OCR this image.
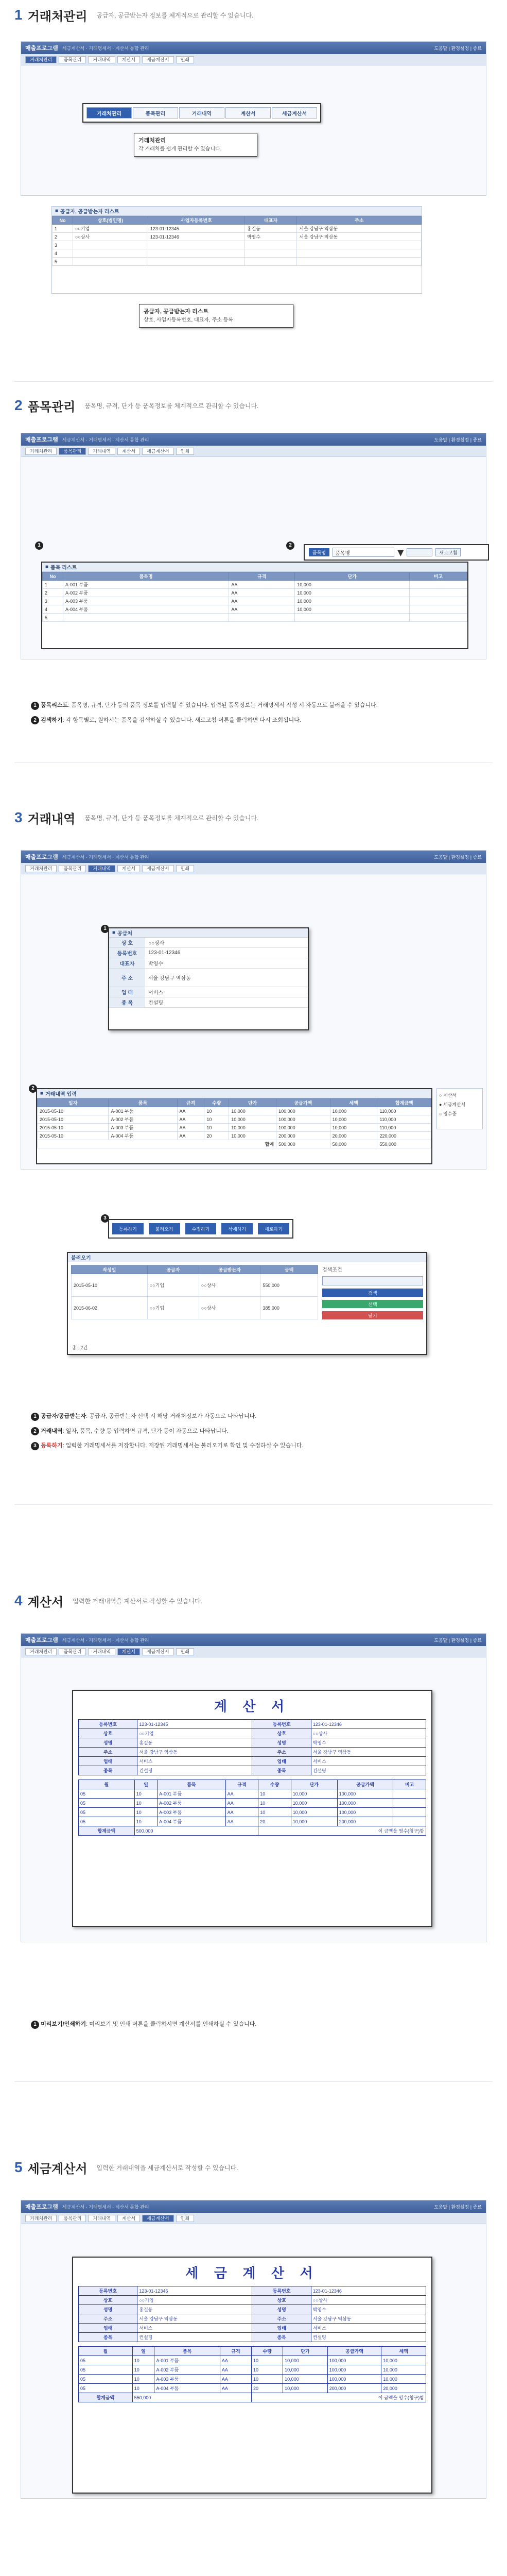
1 거래처관리 공급자, 공급받는자 정보를 체계적으로 관리할 수 있습니다.
매출프로그램 세금계산서 · 거래명세서 · 계산서 통합 관리	도움말 | 환경설정 | 종료
거래처관리	품목관리	거래내역	계산서	세금계산서	인쇄
거래처관리	품목관리	거래내역	계산서	세금계산서
거래처관리
각 거래처를 쉽게 관리할 수 있습니다.
■ 공급자, 공급받는자 리스트
No	상호(법인명)	사업자등록번호	대표자	주소
1	○○기업	123-01-12345	홍길동	서울 강남구 역삼동
2	○○상사	123-01-12346	박영수	서울 강남구 역삼동
3				
4				
5				
공급자, 공급받는자 리스트
상호, 사업자등록번호, 대표자, 주소 등록
2 품목관리 품목명, 규격, 단가 등 품목정보를 체계적으로 관리할 수 있습니다.
매출프로그램 세금계산서 · 거래명세서 · 계산서 통합 관리	도움말 | 환경설정 | 종료
거래처관리	품목관리	거래내역	계산서	세금계산서	인쇄
1	2
품목명	품목명	▼	새로고침
■ 품목 리스트
No	품목명	규격	단가	비고
1	A-001 부품	AA	10,000	
2	A-002 부품	AA	10,000	
3	A-003 부품	AA	10,000	
4	A-004 부품	AA	10,000	
5				
1 품목리스트: 품목명, 규격, 단가 등의 품목 정보를 입력할 수 있습니다. 입력된 품목정보는 거래명세서 작성 시 자동으로 불러올 수 있습니다.
2 검색하기: 각 항목별로, 원하시는 품목을 검색하실 수 있습니다. 새로고침 버튼을 클릭하면 다시 조회됩니다.
3 거래내역 품목명, 규격, 단가 등 품목정보를 체계적으로 관리할 수 있습니다.
매출프로그램 세금계산서 · 거래명세서 · 계산서 통합 관리	도움말 | 환경설정 | 종료
거래처관리	품목관리	거래내역	계산서	세금계산서	인쇄
1
■ 공급처
상 호	○○상사
등록번호	123-01-12346
대표자	박영수
주 소	서울 강남구 역삼동
업 태	서비스
종 목	컨설팅
2
■ 거래내역 입력
일자	품목	규격	수량	단가	공급가액	세액	합계금액
2015-05-10	A-001 부품	AA	10	10,000	100,000	10,000	110,000
2015-05-10	A-002 부품	AA	10	10,000	100,000	10,000	110,000
2015-05-10	A-003 부품	AA	10	10,000	100,000	10,000	110,000
2015-05-10	A-004 부품	AA	20	10,000	200,000	20,000	220,000
합계					500,000	50,000	550,000
○ 계산서
● 세금계산서
○ 영수증
3
등록하기	불러오기	수정하기	삭제하기	새로하기
불러오기
작성일	공급자	공급받는자	금액
2015-05-10	○○기업	○○상사	550,000
2015-06-02	○○기업	○○상사	385,000
검색조건
검색
선택
닫기
총 : 2건
1 공급자/공급받는자: 공급자, 공급받는자 선택 시 해당 거래처정보가 자동으로 나타납니다.
2 거래내역: 일자, 품목, 수량 등 입력하면 규격, 단가 등이 자동으로 나타납니다.
3 등록하기: 입력한 거래명세서를 저장합니다. 저장된 거래명세서는 불러오기로 확인 및 수정하실 수 있습니다.
4 계산서 입력한 거래내역을 계산서로 작성할 수 있습니다.
매출프로그램 세금계산서 · 거래명세서 · 계산서 통합 관리	도움말 | 환경설정 | 종료
거래처관리	품목관리	거래내역	계산서	세금계산서	인쇄
계 산 서
등록번호	123-01-12345	등록번호	123-01-12346
상호	○○기업	상호	○○상사
성명	홍길동	성명	박영수
주소	서울 강남구 역삼동	주소	서울 강남구 역삼동
업태	서비스	업태	서비스
종목	컨설팅	종목	컨설팅
월	일	품목	규격	수량	단가	공급가액	비고
05	10	A-001 부품	AA	10	10,000	100,000	
05	10	A-002 부품	AA	10	10,000	100,000	
05	10	A-003 부품	AA	10	10,000	100,000	
05	10	A-004 부품	AA	20	10,000	200,000	
합계금액	500,000			이 금액을 영수(청구)함			
1 미리보기/인쇄하기: 미리보기 및 인쇄 버튼을 클릭하시면 계산서를 인쇄하실 수 있습니다.
5 세금계산서 입력한 거래내역을 세금계산서로 작성할 수 있습니다.
매출프로그램 세금계산서 · 거래명세서 · 계산서 통합 관리	도움말 | 환경설정 | 종료
거래처관리	품목관리	거래내역	계산서	세금계산서	인쇄
세 금 계 산 서
등록번호	123-01-12345	등록번호	123-01-12346
상호	○○기업	상호	○○상사
성명	홍길동	성명	박영수
주소	서울 강남구 역삼동	주소	서울 강남구 역삼동
업태	서비스	업태	서비스
종목	컨설팅	종목	컨설팅
월	일	품목	규격	수량	단가	공급가액	세액
05	10	A-001 부품	AA	10	10,000	100,000	10,000
05	10	A-002 부품	AA	10	10,000	100,000	10,000
05	10	A-003 부품	AA	10	10,000	100,000	10,000
05	10	A-004 부품	AA	20	10,000	200,000	20,000
합계금액	550,000			이 금액을 영수(청구)함			
